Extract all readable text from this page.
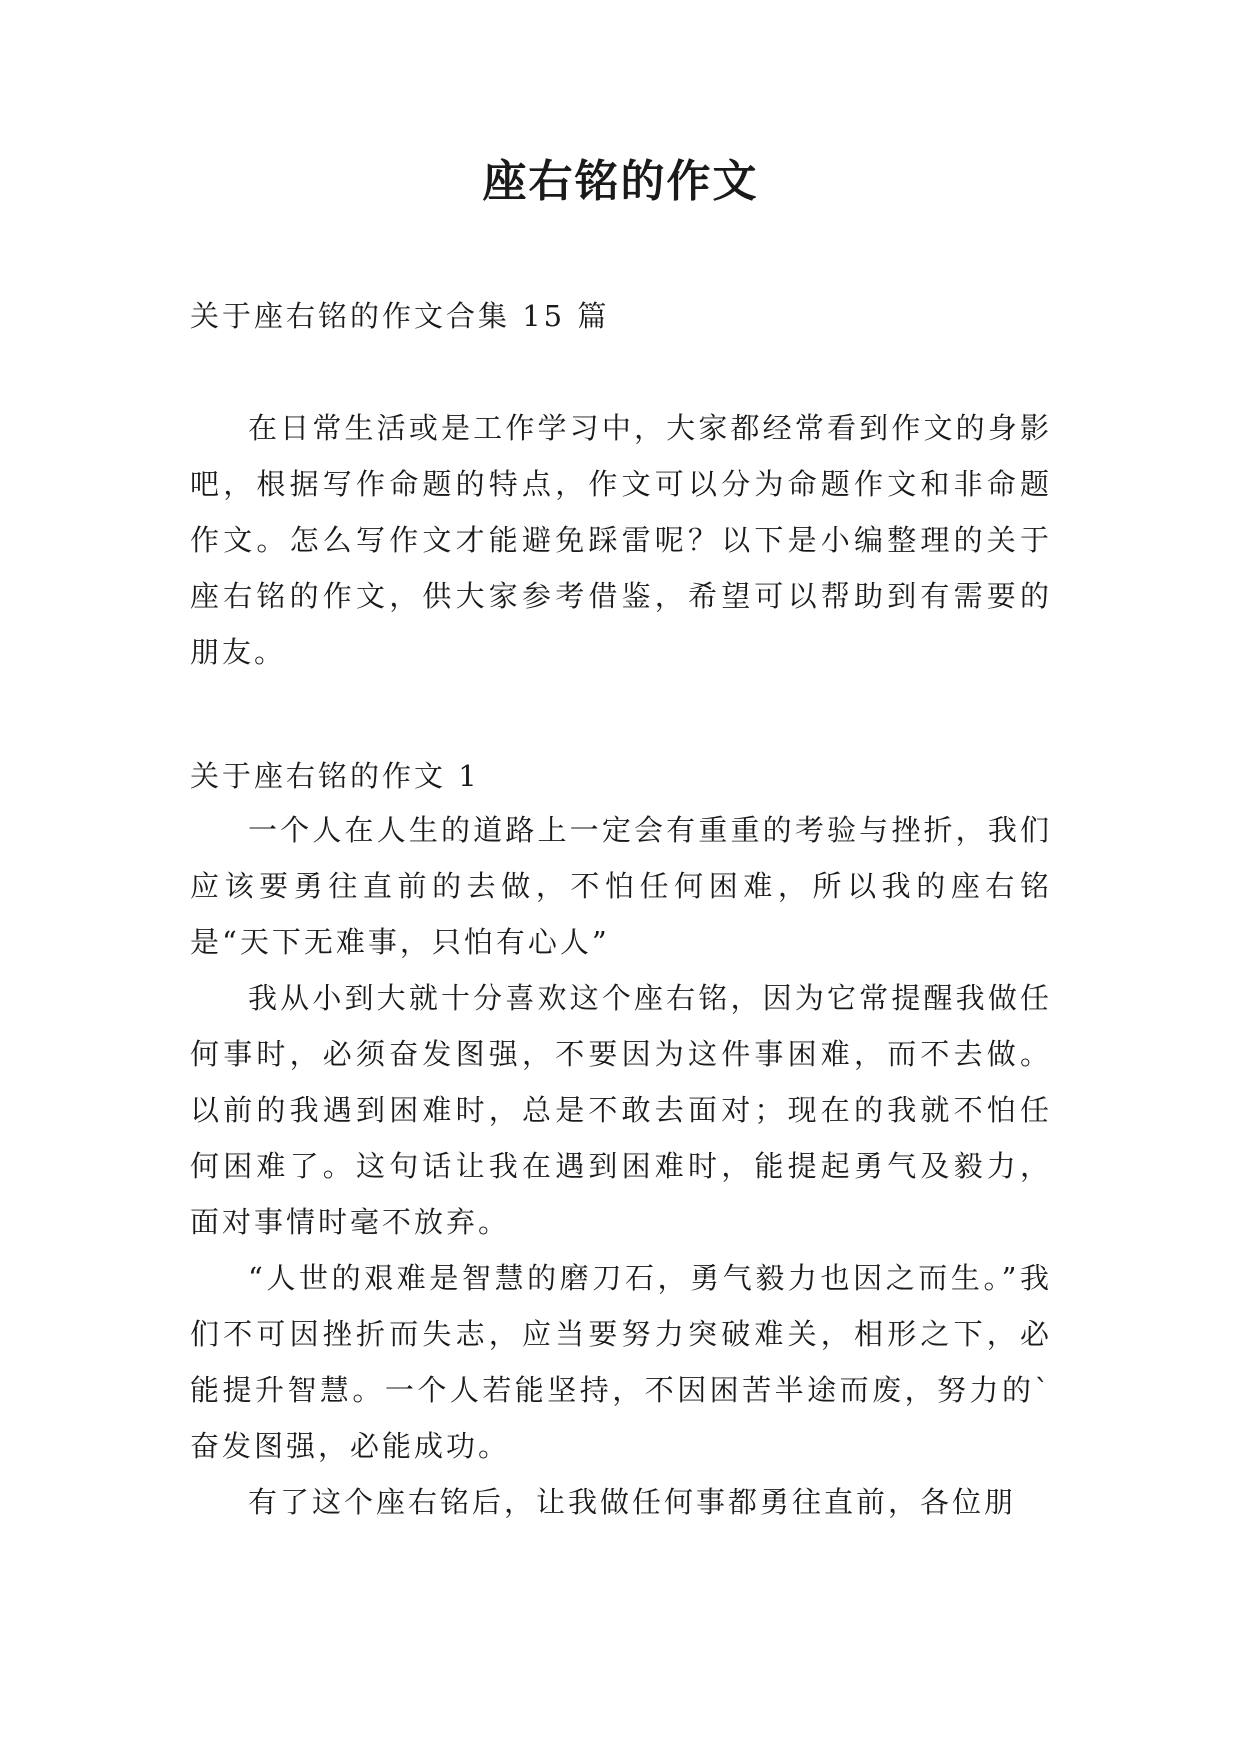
座右铭的作文

关于座右铭的作文合集 15 篇

在日常生活或是工作学习中，大家都经常看到作文的身影吧，根据写作命题的特点，作文可以分为命题作文和非命题作文。怎么写作文才能避免踩雷呢？以下是小编整理的关于座右铭的作文，供大家参考借鉴，希望可以帮助到有需要的朋友。

关于座右铭的作文 1

一个人在人生的道路上一定会有重重的考验与挫折，我们应该要勇往直前的去做，不怕任何困难，所以我的座右铭是“天下无难事，只怕有心人”

我从小到大就十分喜欢这个座右铭，因为它常提醒我做任何事时，必须奋发图强，不要因为这件事困难，而不去做。以前的我遇到困难时，总是不敢去面对；现在的我就不怕任何困难了。这句话让我在遇到困难时，能提起勇气及毅力，面对事情时毫不放弃。

“人世的艰难是智慧的磨刀石，勇气毅力也因之而生。”我们不可因挫折而失志，应当要努力突破难关，相形之下，必能提升智慧。一个人若能坚持，不因困苦半途而废，努力的`奋发图强，必能成功。

有了这个座右铭后，让我做任何事都勇往直前，各位朋
